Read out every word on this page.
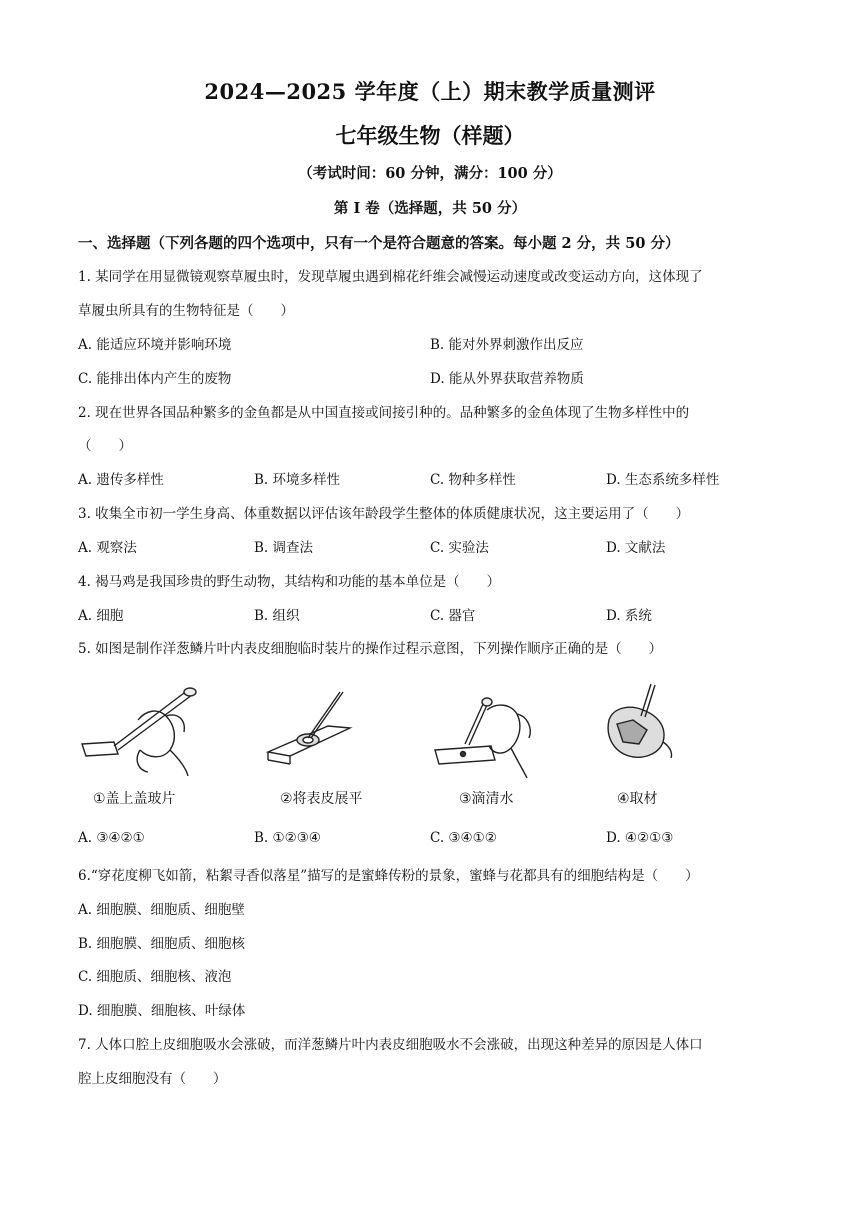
2024—2025 学年度（上）期末教学质量测评
七年级生物（样题）
（考试时间：60 分钟，满分：100 分）
第 I 卷（选择题，共 50 分）
一、选择题（下列各题的四个选项中，只有一个是符合题意的答案。每小题 2 分，共 50 分）
1. 某同学在用显微镜观察草履虫时，发现草履虫遇到棉花纤维会减慢运动速度或改变运动方向，这体现了
草履虫所具有的生物特征是（　　）
A. 能适应环境并影响环境	B. 能对外界刺激作出反应
C. 能排出体内产生的废物	D. 能从外界获取营养物质
2. 现在世界各国品种繁多的金鱼都是从中国直接或间接引种的。品种繁多的金鱼体现了生物多样性中的
（　　）
A. 遗传多样性	B. 环境多样性	C. 物种多样性	D. 生态系统多样性
3. 收集全市初一学生身高、体重数据以评估该年龄段学生整体的体质健康状况，这主要运用了（　　）
A. 观察法	B. 调查法	C. 实验法	D. 文献法
4. 褐马鸡是我国珍贵的野生动物，其结构和功能的基本单位是（　　）
A. 细胞	B. 组织	C. 器官	D. 系统
5. 如图是制作洋葱鳞片叶内表皮细胞临时装片的操作过程示意图，下列操作顺序正确的是（　　）
①盖上盖玻片	②将表皮展平	③滴清水	④取材
A. ③④②①	B. ①②③④	C. ③④①②	D. ④②①③
6.“穿花度柳飞如箭，粘絮寻香似落星”描写的是蜜蜂传粉的景象，蜜蜂与花都具有的细胞结构是（　　）
A. 细胞膜、细胞质、细胞壁
B. 细胞膜、细胞质、细胞核
C. 细胞质、细胞核、液泡
D. 细胞膜、细胞核、叶绿体
7. 人体口腔上皮细胞吸水会涨破，而洋葱鳞片叶内表皮细胞吸水不会涨破，出现这种差异的原因是人体口
腔上皮细胞没有（　　）
